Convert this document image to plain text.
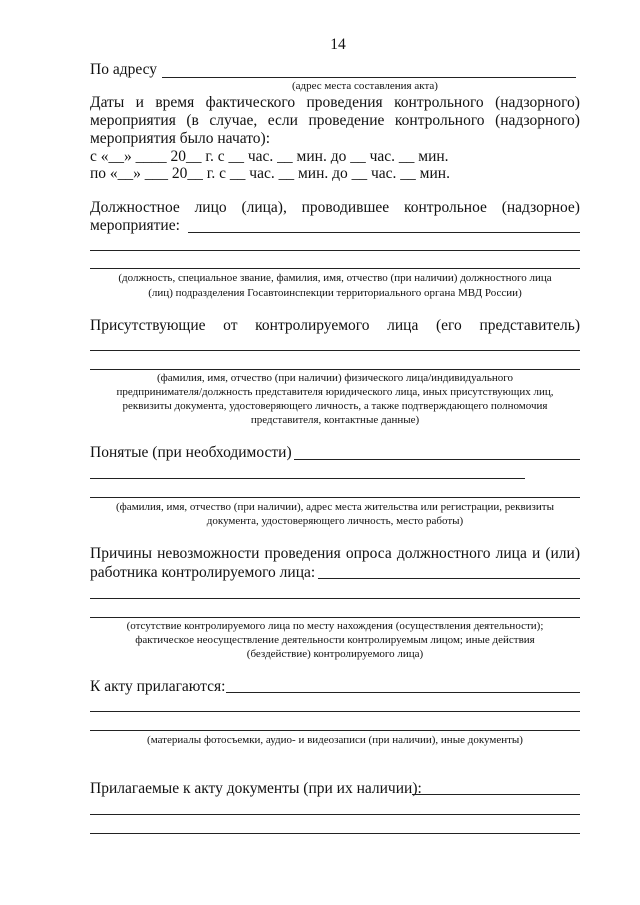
14
По адресу
(адрес места составления акта)
Даты и время фактического проведения контрольного (надзорного)
мероприятия (в случае, если проведение контрольного (надзорного)
мероприятия было начато):
с «__» ____ 20__ г. с __ час. __ мин. до __ час. __ мин.
по «__» ___ 20__ г. с __ час. __ мин. до __ час. __ мин.
Должностное лицо (лица), проводившее контрольное (надзорное)
мероприятие:
(должность, специальное звание, фамилия, имя, отчество (при наличии) должностного лица
(лиц) подразделения Госавтоинспекции территориального органа МВД России)
Присутствующие от контролируемого лица (его представитель)
(фамилия, имя, отчество (при наличии) физического лица/индивидуального
предпринимателя/должность представителя юридического лица, иных присутствующих лиц,
реквизиты документа, удостоверяющего личность, а также подтверждающего полномочия
представителя, контактные данные)
Понятые (при необходимости)
(фамилия, имя, отчество (при наличии), адрес места жительства или регистрации, реквизиты
документа, удостоверяющего личность, место работы)
Причины невозможности проведения опроса должностного лица и (или)
работника контролируемого лица:
(отсутствие контролируемого лица по месту нахождения (осуществления деятельности);
фактическое неосуществление деятельности контролируемым лицом; иные действия
(бездействие) контролируемого лица)
К акту прилагаются:
(материалы фотосъемки, аудио- и видеозаписи (при наличии), иные документы)
Прилагаемые к акту документы (при их наличии):
